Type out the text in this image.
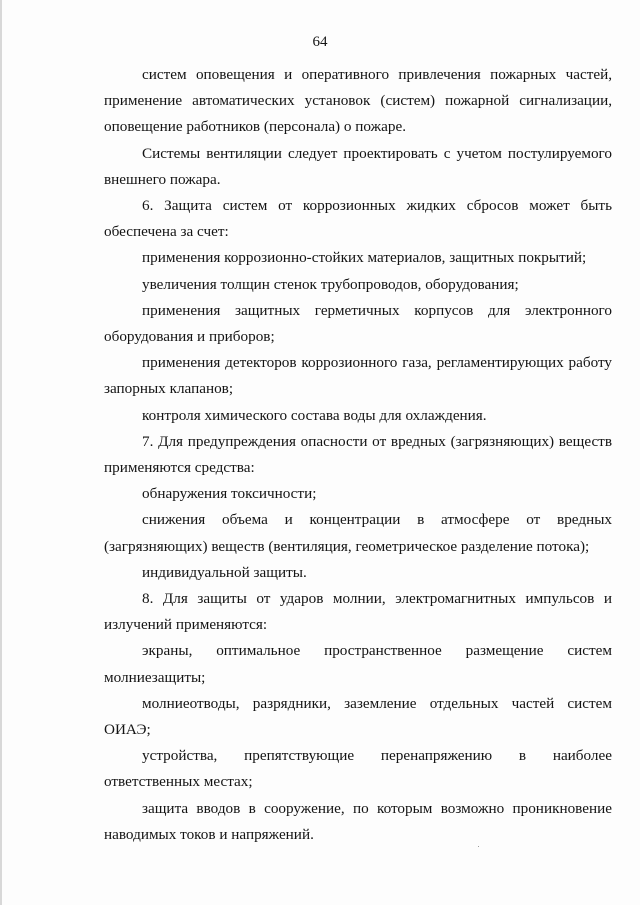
64

систем оповещения и оперативного привлечения пожарных частей, применение автоматических установок (систем) пожарной сигнализации, оповещение работников (персонала) о пожаре.

Системы вентиляции следует проектировать с учетом постулируемого внешнего пожара.

6. Защита систем от коррозионных жидких сбросов может быть обеспечена за счет:

применения коррозионно-стойких материалов, защитных покрытий;

увеличения толщин стенок трубопроводов, оборудования;

применения защитных герметичных корпусов для электронного оборудования и приборов;

применения детекторов коррозионного газа, регламентирующих работу запорных клапанов;

контроля химического состава воды для охлаждения.

7. Для предупреждения опасности от вредных (загрязняющих) веществ применяются средства:

обнаружения токсичности;

снижения объема и концентрации в атмосфере от вредных (загрязняющих) веществ (вентиляция, геометрическое разделение потока);

индивидуальной защиты.

8. Для защиты от ударов молнии, электромагнитных импульсов и излучений применяются:

экраны, оптимальное пространственное размещение систем молниезащиты;

молниеотводы, разрядники, заземление отдельных частей систем ОИАЭ;

устройства, препятствующие перенапряжению в наиболее ответственных местах;

защита вводов в сооружение, по которым возможно проникновение наводимых токов и напряжений.
